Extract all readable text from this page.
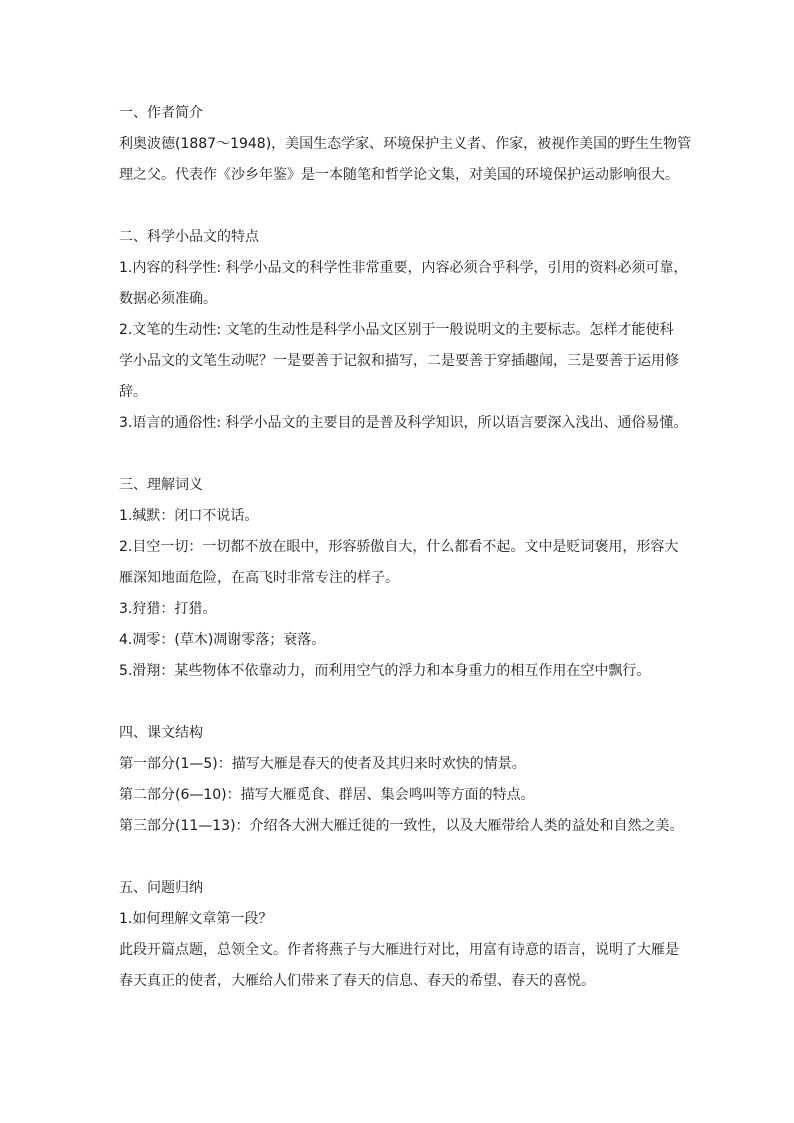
一、作者简介
利奥波德(1887～1948)，美国生态学家、环境保护主义者、作家，被视作美国的野生生物管
理之父。代表作《沙乡年鉴》是一本随笔和哲学论文集，对美国的环境保护运动影响很大。
二、科学小品文的特点
1.内容的科学性: 科学小品文的科学性非常重要，内容必须合乎科学，引用的资料必须可靠，
数据必须准确。
2.文笔的生动性: 文笔的生动性是科学小品文区别于一般说明文的主要标志。怎样才能使科
学小品文的文笔生动呢？一是要善于记叙和描写，二是要善于穿插趣闻，三是要善于运用修
辞。
3.语言的通俗性: 科学小品文的主要目的是普及科学知识，所以语言要深入浅出、通俗易懂。
三、理解词义
1.缄默：闭口不说话。
2.目空一切：一切都不放在眼中，形容骄傲自大，什么都看不起。文中是贬词褒用，形容大
雁深知地面危险，在高飞时非常专注的样子。
3.狩猎：打猎。
4.凋零：(草木)凋谢零落；衰落。
5.滑翔：某些物体不依靠动力，而利用空气的浮力和本身重力的相互作用在空中飘行。
四、课文结构
第一部分(1—5)：描写大雁是春天的使者及其归来时欢快的情景。
第二部分(6—10)：描写大雁觅食、群居、集会鸣叫等方面的特点。
第三部分(11—13)：介绍各大洲大雁迁徙的一致性，以及大雁带给人类的益处和自然之美。
五、问题归纳
1.如何理解文章第一段？
此段开篇点题，总领全文。作者将燕子与大雁进行对比，用富有诗意的语言，说明了大雁是
春天真正的使者，大雁给人们带来了春天的信息、春天的希望、春天的喜悦。
